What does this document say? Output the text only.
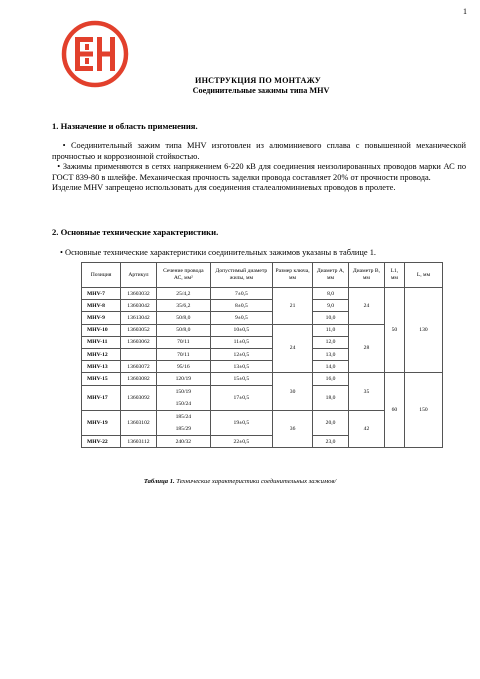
1
ИНСТРУКЦИЯ ПО МОНТАЖУ
Соединительные зажимы типа MHV
1. Назначение и область применения.

• Соединительный зажим типа MHV изготовлен из алюминиевого сплава с повышенной механической прочностью и коррозионной стойкостью.

• Зажимы применяются в сетях напряжением 6-220 кВ для соединения неизолированных проводов марки АС по ГОСТ 839-80 в шлейфе. Механическая прочность заделки провода составляет 20% от прочности провода.

Изделие MHV запрещено использовать для соединения сталеалюминиевых проводов в пролете.

2. Основные технические характеристики.
• Основные технические характеристики соединительных зажимов указаны в таблице 1.
Позиция	Артикул	Сечение провода АС, мм²	Допустимый диаметр жилы, мм	Размер ключа, мм	Диаметр А, мм	Диаметр В, мм	L1, мм	L, мм
MHV-7	13603032	25/4,2	7±0,5	21	8,0	24	50	130
MHV-8	13603042	35/6,2	8±0,5		9,0			
MHV-9	13613042	50/8,0	9±0,5		10,0			
MHV-10	13603052	50/8,0	10±0,5	24	11,0	28		
MHV-11	13603062	70/11	11±0,5		12,0			
MHV-12		70/11	12±0,5		13,0			
MHV-13	13603072	95/16	13±0,5		14,0			
MHV-15	13603082	120/19	15±0,5	30	16,0	35	60	150
MHV-17	13603092	150/19	17±0,5		18,0			
		150/24						
MHV-19	13603102	185/24	19±0,5	36	20,0	42		
		185/29						
MHV-22	13603112	240/32	22±0,5		23,0			
Таблица 1. Технические характеристики соединительных зажимов/
